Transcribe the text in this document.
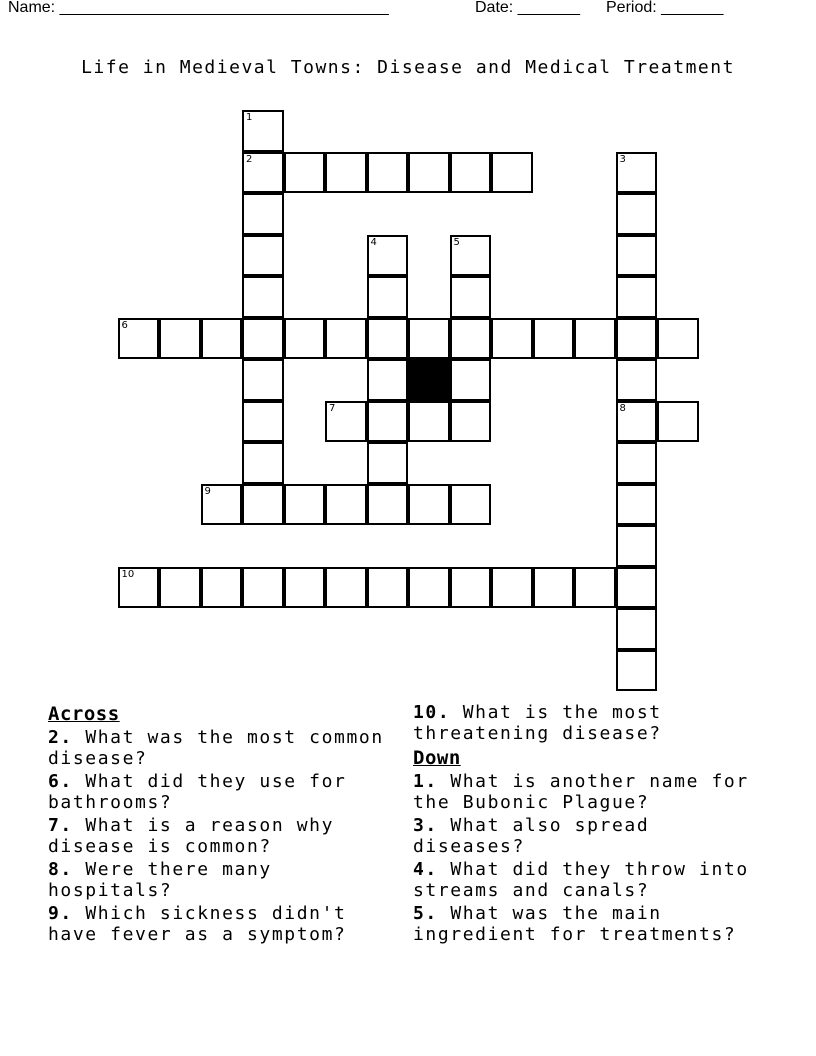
Name: _____________________________________	Date: _______ Period: _______
Life in Medieval Towns: Disease and Medical Treatment
1
2	3
8
4	5
6
7
9
10
Across
2. What was the most common disease?
6. What did they use for bathrooms?
7. What is a reason why disease is common?
8. Were there many hospitals?
9. Which sickness didn't have fever as a symptom?
10. What is the most threatening disease?
Down
1. What is another name for the Bubonic Plague?
3. What also spread diseases?
4. What did they throw into streams and canals?
5. What was the main ingredient for treatments?
